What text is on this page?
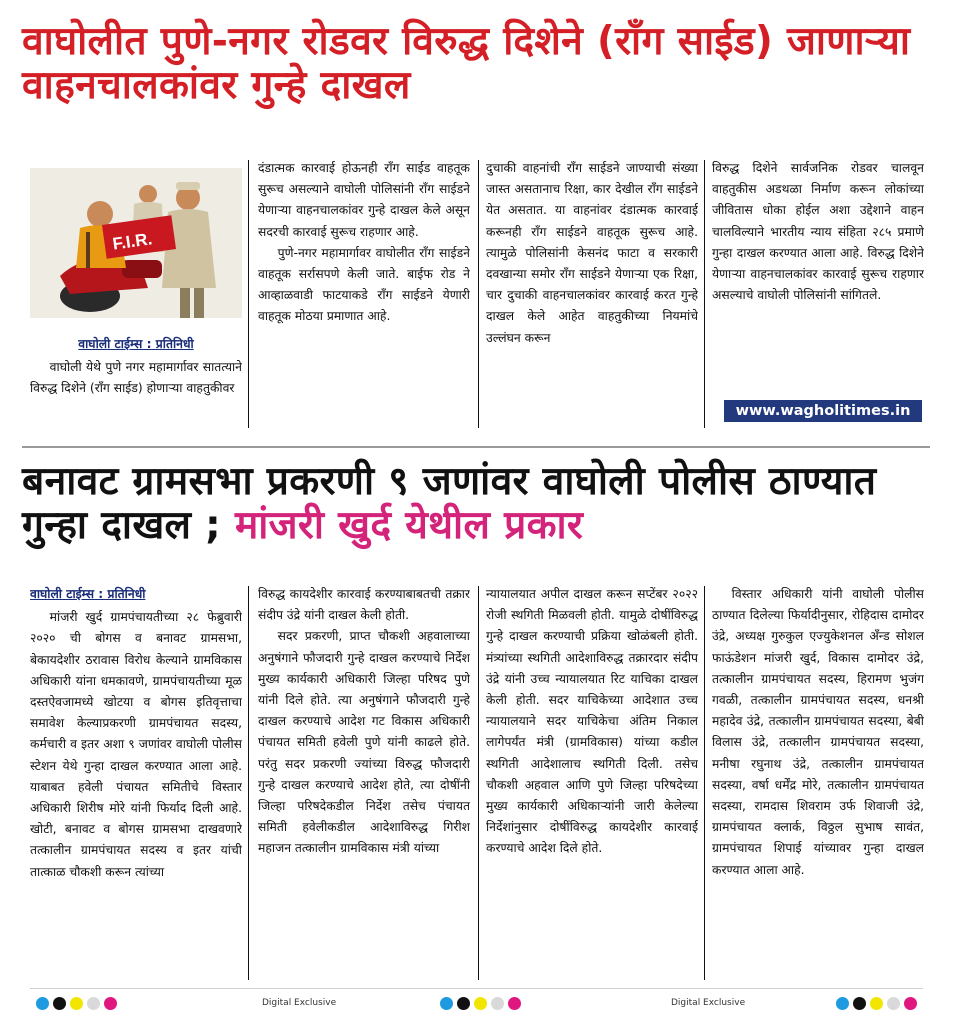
वाघोलीत पुणे-नगर रोडवर विरुद्ध दिशेने (रॉंग साईड) जाणाऱ्या वाहनचालकांवर गुन्हे दाखल
F.I.R.
वाघोली टाईम्स : प्रतिनिधी

वाघोली येथे पुणे नगर महामार्गावर सातत्याने विरुद्ध दिशेने (रॉंग साईड) होणाऱ्या वाहतुकीवर

दंडात्मक कारवाई होऊनही रॉंग साईड वाहतूक सुरूच असल्याने वाघोली पोलिसांनी रॉंग साईडने येणाऱ्या वाहनचालकांवर गुन्हे दाखल केले असून सदरची कारवाई सुरूच राहणार आहे.

पुणे-नगर महामार्गावर वाघोलीत रॉंग साईडने वाहतूक सर्रासपणे केली जाते. बाईफ रोड ने आव्हाळवाडी फाटयाकडे रॉंग साईडने येणारी वाहतूक मोठया प्रमाणात आहे.

दुचाकी वाहनांची रॉंग साईडने जाण्याची संख्या जास्त असतानाच रिक्षा, कार देखील रॉंग साईडने येत असतात. या वाहनांवर दंडात्मक कारवाई करूनही रॉंग साईडने वाहतूक सुरूच आहे. त्यामुळे पोलिसांनी केसनंद फाटा व सरकारी दवखान्या समोर रॉंग साईडने येणाऱ्या एक रिक्षा, चार दुचाकी वाहनचालकांवर कारवाई करत गुन्हे दाखल केले आहेत वाहतुकीच्या नियमांचे उल्लंघन करून

विरुद्ध दिशेने सार्वजनिक रोडवर चालवून वाहतुकीस अडथळा निर्माण करून लोकांच्या जीवितास धोका होईल अशा उद्देशाने वाहन चालविल्याने भारतीय न्याय संहिता २८५ प्रमाणे गुन्हा दाखल करण्यात आला आहे. विरुद्ध दिशेने येणाऱ्या वाहनचालकांवर कारवाई सुरूच राहणार असल्याचे वाघोली पोलिसांनी सांगितले.

www.wagholitimes.in
बनावट ग्रामसभा प्रकरणी ९ जणांवर वाघोली पोलीस ठाण्यात गुन्हा दाखल ; मांजरी खुर्द येथील प्रकार
वाघोली टाईम्स : प्रतिनिधी

मांजरी खुर्द ग्रामपंचायतीच्या २८ फेब्रुवारी २०२० ची बोगस व बनावट ग्रामसभा, बेकायदेशीर ठरावास विरोध केल्याने ग्रामविकास अधिकारी यांना धमकावणे, ग्रामपंचायतीच्या मूळ दस्तऐवजामध्ये खोटया व बोगस इतिवृत्ताचा समावेश केल्याप्रकरणी ग्रामपंचायत सदस्य, कर्मचारी व इतर अशा ९ जणांवर वाघोली पोलीस स्टेशन येथे गुन्हा दाखल करण्यात आला आहे. याबाबत हवेली पंचायत समितीचे विस्तार अधिकारी शिरीष मोरे यांनी फिर्याद दिली आहे. खोटी, बनावट व बोगस ग्रामसभा दाखवणारे तत्कालीन ग्रामपंचायत सदस्य व इतर यांची तात्काळ चौकशी करून त्यांच्या

विरुद्ध कायदेशीर कारवाई करण्याबाबतची तक्रार संदीप उंद्रे यांनी दाखल केली होती.

सदर प्रकरणी, प्राप्त चौकशी अहवालाच्या अनुषंगाने फौजदारी गुन्हे दाखल करण्याचे निर्देश मुख्य कार्यकारी अधिकारी जिल्हा परिषद पुणे यांनी दिले होते. त्या अनुषंगाने फौजदारी गुन्हे दाखल करण्याचे आदेश गट विकास अधिकारी पंचायत समिती हवेली पुणे यांनी काढले होते. परंतु सदर प्रकरणी ज्यांच्या विरुद्ध फौजदारी गुन्हे दाखल करण्याचे आदेश होते, त्या दोषींनी जिल्हा परिषदेकडील निर्देश तसेच पंचायत समिती हवेलीकडील आदेशाविरुद्ध गिरीश महाजन तत्कालीन ग्रामविकास मंत्री यांच्या

न्यायालयात अपील दाखल करून सप्टेंबर २०२२ रोजी स्थगिती मिळवली होती. यामुळे दोषींविरुद्ध गुन्हे दाखल करण्याची प्रक्रिया खोळंबली होती. मंत्र्यांच्या स्थगिती आदेशाविरुद्ध तक्रारदार संदीप उंद्रे यांनी उच्च न्यायालयात रिट याचिका दाखल केली होती. सदर याचिकेच्या आदेशात उच्च न्यायालयाने सदर याचिकेचा अंतिम निकाल लागेपर्यंत मंत्री (ग्रामविकास) यांच्या कडील स्थगिती आदेशालाच स्थगिती दिली. तसेच चौकशी अहवाल आणि पुणे जिल्हा परिषदेच्या मुख्य कार्यकारी अधिकाऱ्यांनी जारी केलेल्या निर्देशांनुसार दोषींविरुद्ध कायदेशीर कारवाई करण्याचे आदेश दिले होते.

विस्तार अधिकारी यांनी वाघोली पोलीस ठाण्यात दिलेल्या फिर्यादीनुसार, रोहिदास दामोदर उंद्रे, अध्यक्ष गुरुकुल एज्युकेशनल अँन्ड सोशल फाऊंडेशन मांजरी खुर्द, विकास दामोदर उंद्रे, तत्कालीन ग्रामपंचायत सदस्य, हिरामण भुजंग गवळी, तत्कालीन ग्रामपंचायत सदस्य, धनश्री महादेव उंद्रे, तत्कालीन ग्रामपंचायत सदस्या, बेबी विलास उंद्रे, तत्कालीन ग्रामपंचायत सदस्या, मनीषा रघुनाथ उंद्रे, तत्कालीन ग्रामपंचायत सदस्या, वर्षा धर्मेंद्र मोरे, तत्कालीन ग्रामपंचायत सदस्या, रामदास शिवराम उर्फ शिवाजी उंद्रे, ग्रामपंचायत क्लार्क, विठ्ठल सुभाष सावंत, ग्रामपंचायत शिपाई यांच्यावर गुन्हा दाखल करण्यात आला आहे.

Digital Exclusive	Digital Exclusive
